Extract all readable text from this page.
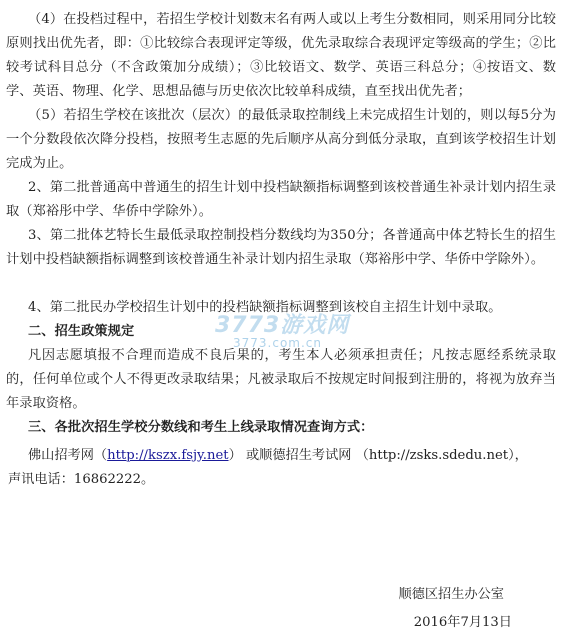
（4）在投档过程中，若招生学校计划数末名有两人或以上考生分数相同，则采用同分比较原则找出优先者，即：①比较综合表现评定等级，优先录取综合表现评定等级高的学生；②比较考试科目总分（不含政策加分成绩）；③比较语文、数学、英语三科总分；④按语文、数学、英语、物理、化学、思想品德与历史依次比较单科成绩，直至找出优先者；

（5）若招生学校在该批次（层次）的最低录取控制线上未完成招生计划的，则以每5分为一个分数段依次降分投档，按照考生志愿的先后顺序从高分到低分录取，直到该学校招生计划完成为止。

2、第二批普通高中普通生的招生计划中投档缺额指标调整到该校普通生补录计划内招生录取（郑裕彤中学、华侨中学除外）。

3、第二批体艺特长生最低录取控制投档分数线均为350分；各普通高中体艺特长生的招生计划中投档缺额指标调整到该校普通生补录计划内招生录取（郑裕彤中学、华侨中学除外）。

4、第二批民办学校招生计划中的投档缺额指标调整到该校自主招生计划中录取。

二、招生政策规定

凡因志愿填报不合理而造成不良后果的，考生本人必须承担责任；凡按志愿经系统录取的，任何单位或个人不得更改录取结果；凡被录取后不按规定时间报到注册的，将视为放弃当年录取资格。

三、各批次招生学校分数线和考生上线录取情况查询方式：

佛山招考网（http://kszx.fsjy.net） 或顺德招生考试网 （http://zsks.sdedu.net），

声讯电话：16862222。

顺德区招生办公室

2016年7月13日

3773游戏网
3773.com.cn
